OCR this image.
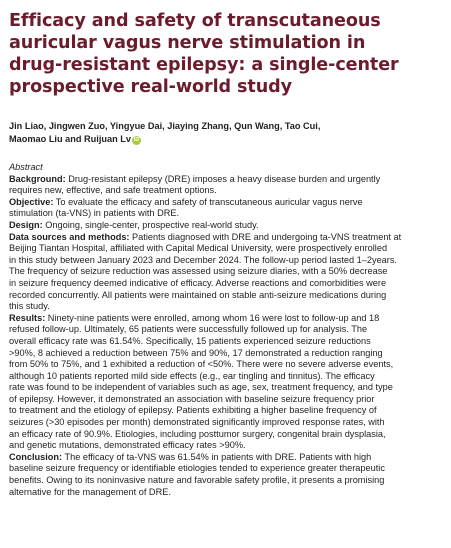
Efficacy and safety of transcutaneous
auricular vagus nerve stimulation in
drug-resistant epilepsy: a single-center
prospective real-world study
Jin Liao, Jingwen Zuo, Yingyue Dai, Jiaying Zhang, Qun Wang, Tao Cui,
Maomao Liu and Ruijuan Lv iD
Abstract
Background: Drug-resistant epilepsy (DRE) imposes a heavy disease burden and urgently
requires new, effective, and safe treatment options.
Objective: To evaluate the efficacy and safety of transcutaneous auricular vagus nerve
stimulation (ta-VNS) in patients with DRE.
Design: Ongoing, single-center, prospective real-world study.
Data sources and methods: Patients diagnosed with DRE and undergoing ta-VNS treatment at
Beijing Tiantan Hospital, affiliated with Capital Medical University, were prospectively enrolled
in this study between January 2023 and December 2024. The follow-up period lasted 1–2years.
The frequency of seizure reduction was assessed using seizure diaries, with a 50% decrease
in seizure frequency deemed indicative of efficacy. Adverse reactions and comorbidities were
recorded concurrently. All patients were maintained on stable anti-seizure medications during
this study.
Results: Ninety-nine patients were enrolled, among whom 16 were lost to follow-up and 18
refused follow-up. Ultimately, 65 patients were successfully followed up for analysis. The
overall efficacy rate was 61.54%. Specifically, 15 patients experienced seizure reductions
>90%, 8 achieved a reduction between 75% and 90%, 17 demonstrated a reduction ranging
from 50% to 75%, and 1 exhibited a reduction of <50%. There were no severe adverse events,
although 10 patients reported mild side effects (e.g., ear tingling and tinnitus). The efficacy
rate was found to be independent of variables such as age, sex, treatment frequency, and type
of epilepsy. However, it demonstrated an association with baseline seizure frequency prior
to treatment and the etiology of epilepsy. Patients exhibiting a higher baseline frequency of
seizures (>30 episodes per month) demonstrated significantly improved response rates, with
an efficacy rate of 90.9%. Etiologies, including posttumor surgery, congenital brain dysplasia,
and genetic mutations, demonstrated efficacy rates >90%.
Conclusion: The efficacy of ta-VNS was 61.54% in patients with DRE. Patients with high
baseline seizure frequency or identifiable etiologies tended to experience greater therapeutic
benefits. Owing to its noninvasive nature and favorable safety profile, it presents a promising
alternative for the management of DRE.
